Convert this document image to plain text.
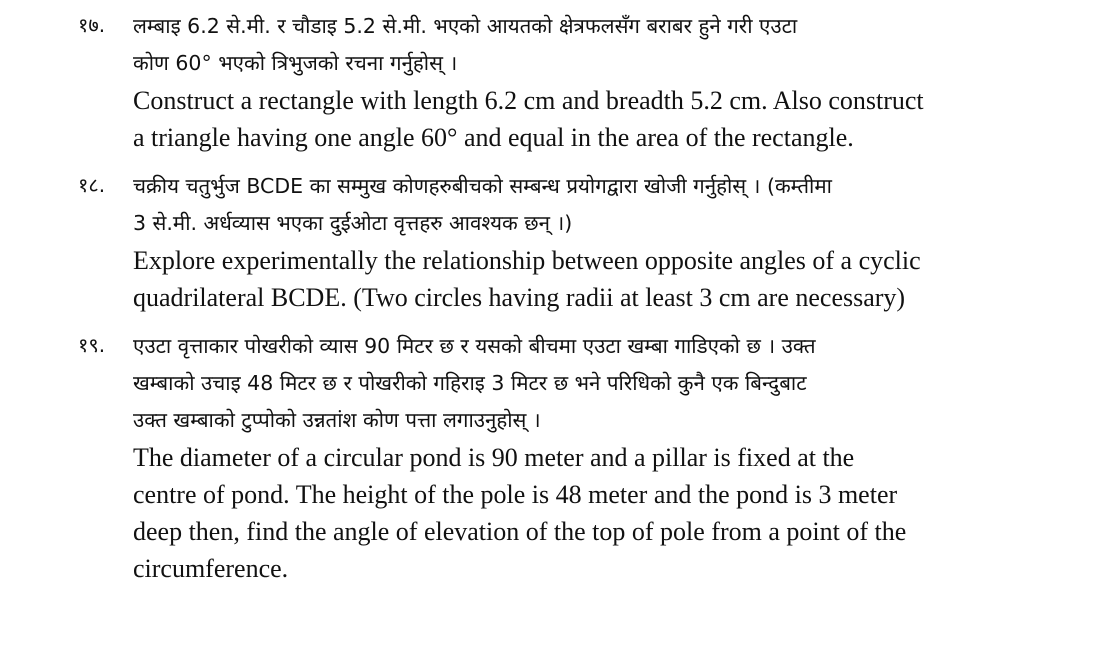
१७. लम्बाइ 6.2 से.मी. र चौडाइ 5.2 से.मी. भएको आयतको क्षेत्रफलसँग बराबर हुने गरी एउटा

कोण 60° भएको त्रिभुजको रचना गर्नुहोस् ।

Construct a rectangle with length 6.2 cm and breadth 5.2 cm. Also construct

a triangle having one angle 60° and equal in the area of the rectangle.

१८. चक्रीय चतुर्भुज BCDE का सम्मुख कोणहरुबीचको सम्बन्ध प्रयोगद्वारा खोजी गर्नुहोस् । (कम्तीमा

3 से.मी. अर्धव्यास भएका दुईओटा वृत्तहरु आवश्यक छन् ।)

Explore experimentally the relationship between opposite angles of a cyclic

quadrilateral BCDE. (Two circles having radii at least 3 cm are necessary)

१९. एउटा वृत्ताकार पोखरीको व्यास 90 मिटर छ र यसको बीचमा एउटा खम्बा गाडिएको छ । उक्त

खम्बाको उचाइ 48 मिटर छ र पोखरीको गहिराइ 3 मिटर छ भने परिधिको कुनै एक बिन्दुबाट

उक्त खम्बाको टुप्पोको उन्नतांश कोण पत्ता लगाउनुहोस् ।

The diameter of a circular pond is 90 meter and a pillar is fixed at the

centre of pond. The height of the pole is 48 meter and the pond is 3 meter

deep then, find the angle of elevation of the top of pole from a point of the

circumference.
